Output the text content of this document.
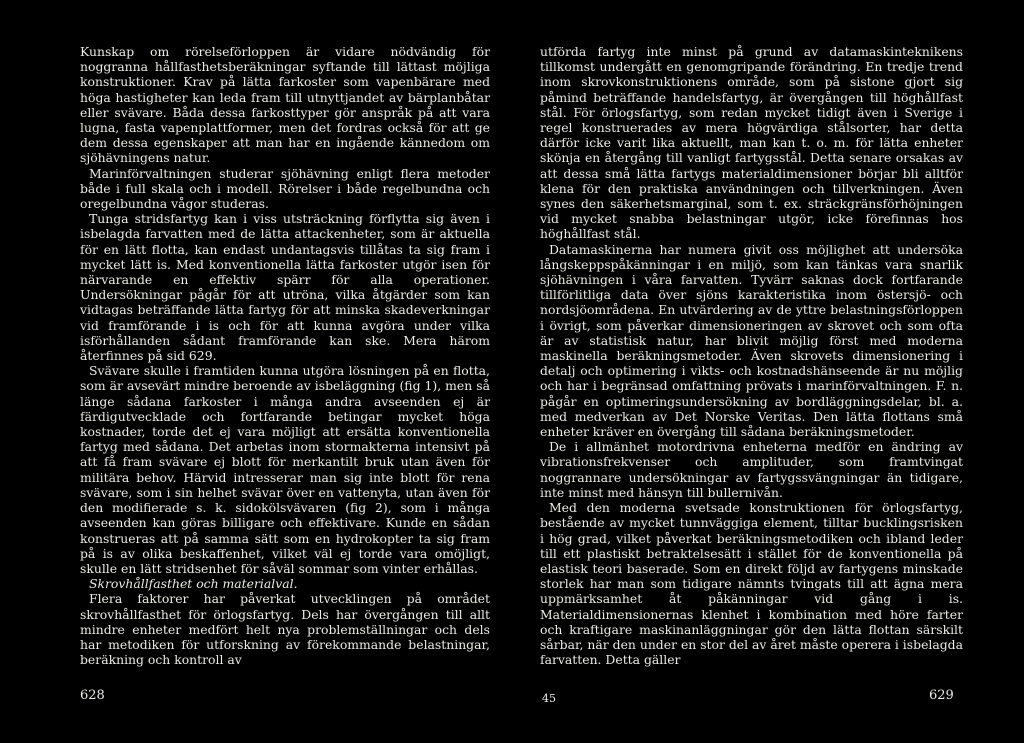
Kunskap om rörelseförloppen är vidare nödvändig för noggranna hållfasthetsberäkningar syftande till lättast möjliga konstruktioner. Krav på lätta farkoster som vapenbärare med höga hastigheter kan leda fram till utnyttjandet av bärplanbåtar eller svävare. Båda dessa farkosttyper gör anspråk på att vara lugna, fasta vapenplattformer, men det fordras också för att ge dem dessa egenskaper att man har en ingående kännedom om sjöhävningens natur.

Marinförvaltningen studerar sjöhävning enligt flera metoder både i full skala och i modell. Rörelser i både regelbundna och oregelbundna vågor studeras.

Tunga stridsfartyg kan i viss utsträckning förflytta sig även i isbelagda farvatten med de lätta attackenheter, som är aktuella för en lätt flotta, kan endast undantagsvis tillåtas ta sig fram i mycket lätt is. Med konventionella lätta farkoster utgör isen för närvarande en effektiv spärr för alla operationer. Undersökningar pågår för att utröna, vilka åtgärder som kan vidtagas beträffande lätta fartyg för att minska skadeverkningar vid framförande i is och för att kunna avgöra under vilka isförhållanden sådant framförande kan ske. Mera härom återfinnes på sid 629.

Svävare skulle i framtiden kunna utgöra lösningen på en flotta, som är avsevärt mindre beroende av isbeläggning (fig 1), men så länge sådana farkoster i många andra avseenden ej är färdigutvecklade och fortfarande betingar mycket höga kostnader, torde det ej vara möjligt att ersätta konventionella fartyg med sådana. Det arbetas inom stormakterna intensivt på att få fram svävare ej blott för merkantilt bruk utan även för militära behov. Härvid intresserar man sig inte blott för rena svävare, som i sin helhet svävar över en vattenyta, utan även för den modifierade s. k. sidokölsvävaren (fig 2), som i många avseenden kan göras billigare och effektivare. Kunde en sådan konstrueras att på samma sätt som en hydrokopter ta sig fram på is av olika beskaffenhet, vilket väl ej torde vara omöjligt, skulle en lätt stridsenhet för såväl sommar som vinter erhållas.

Skrovhållfasthet och materialval.

Flera faktorer har påverkat utvecklingen på området skrovhållfasthet för örlogsfartyg. Dels har övergången till allt mindre enheter medfört helt nya problemställningar och dels har metodiken för utforskning av förekommande belastningar, beräkning och kontroll av

628

utförda fartyg inte minst på grund av datamaskinteknikens tillkomst undergått en genomgripande förändring. En tredje trend inom skrovkonstruktionens område, som på sistone gjort sig påmind beträffande handelsfartyg, är övergången till höghållfast stål. För örlogsfartyg, som redan mycket tidigt även i Sverige i regel konstruerades av mera högvärdiga stålsorter, har detta därför icke varit lika aktuellt, man kan t. o. m. för lätta enheter skönja en återgång till vanligt fartygsstål. Detta senare orsakas av att dessa små lätta fartygs materialdimensioner börjar bli alltför klena för den praktiska användningen och tillverkningen. Även synes den säkerhetsmarginal, som t. ex. sträckgränsförhöjningen vid mycket snabba belastningar utgör, icke förefinnas hos höghållfast stål.

Datamaskinerna har numera givit oss möjlighet att undersöka långskeppspåkänningar i en miljö, som kan tänkas vara snarlik sjöhävningen i våra farvatten. Tyvärr saknas dock fortfarande tillförlitliga data över sjöns karakteristika inom östersjö- och nordsjöområdena. En utvärdering av de yttre belastningsförloppen i övrigt, som påverkar dimensioneringen av skrovet och som ofta är av statistisk natur, har blivit möjlig först med moderna maskinella beräkningsmetoder. Även skrovets dimensionering i detalj och optimering i vikts- och kostnadshänseende är nu möjlig och har i begränsad omfattning prövats i marinförvaltningen. F. n. pågår en optimeringsundersökning av bordläggningsdelar, bl. a. med medverkan av Det Norske Veritas. Den lätta flottans små enheter kräver en övergång till sådana beräkningsmetoder.

De i allmänhet motordrivna enheterna medför en ändring av vibrationsfrekvenser och amplituder, som framtvingat noggrannare undersökningar av fartygssvängningar än tidigare, inte minst med hänsyn till bullernivån.

Med den moderna svetsade konstruktionen för örlogsfartyg, bestående av mycket tunnväggiga element, tilltar bucklingsrisken i hög grad, vilket påverkat beräkningsmetodiken och ibland leder till ett plastiskt betraktelsesätt i stället för de konventionella på elastisk teori baserade. Som en direkt följd av fartygens minskade storlek har man som tidigare nämnts tvingats till att ägna mera uppmärksamhet åt påkänningar vid gång i is. Materialdimensionernas klenhet i kombination med höre farter och kraftigare maskinanläggningar gör den lätta flottan särskilt sårbar, när den under en stor del av året måste operera i isbelagda farvatten. Detta gäller

45	629
